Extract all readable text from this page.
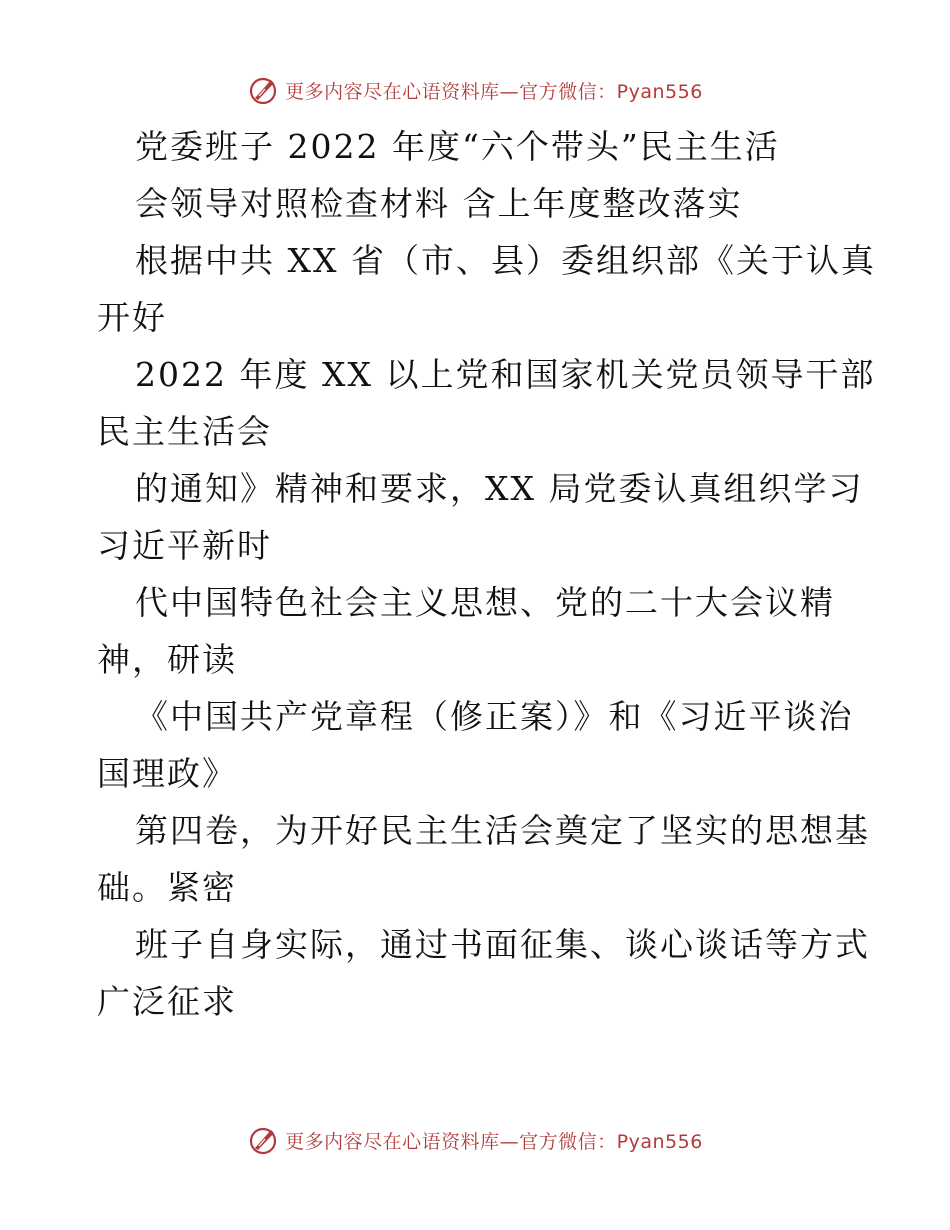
更多内容尽在心语资料库—官方微信：Pyan556
党委班子 2022 年度“六个带头”民主生活
会领导对照检查材料 含上年度整改落实
根据中共 XX 省（市、县）委组织部《关于认真
开好
2022 年度 XX 以上党和国家机关党员领导干部
民主生活会
的通知》精神和要求，XX 局党委认真组织学习
习近平新时
代中国特色社会主义思想、党的二十大会议精
神，研读
《中国共产党章程（修正案）》和《习近平谈治
国理政》
第四卷，为开好民主生活会奠定了坚实的思想基
础。紧密
班子自身实际，通过书面征集、谈心谈话等方式
广泛征求
更多内容尽在心语资料库—官方微信：Pyan556
